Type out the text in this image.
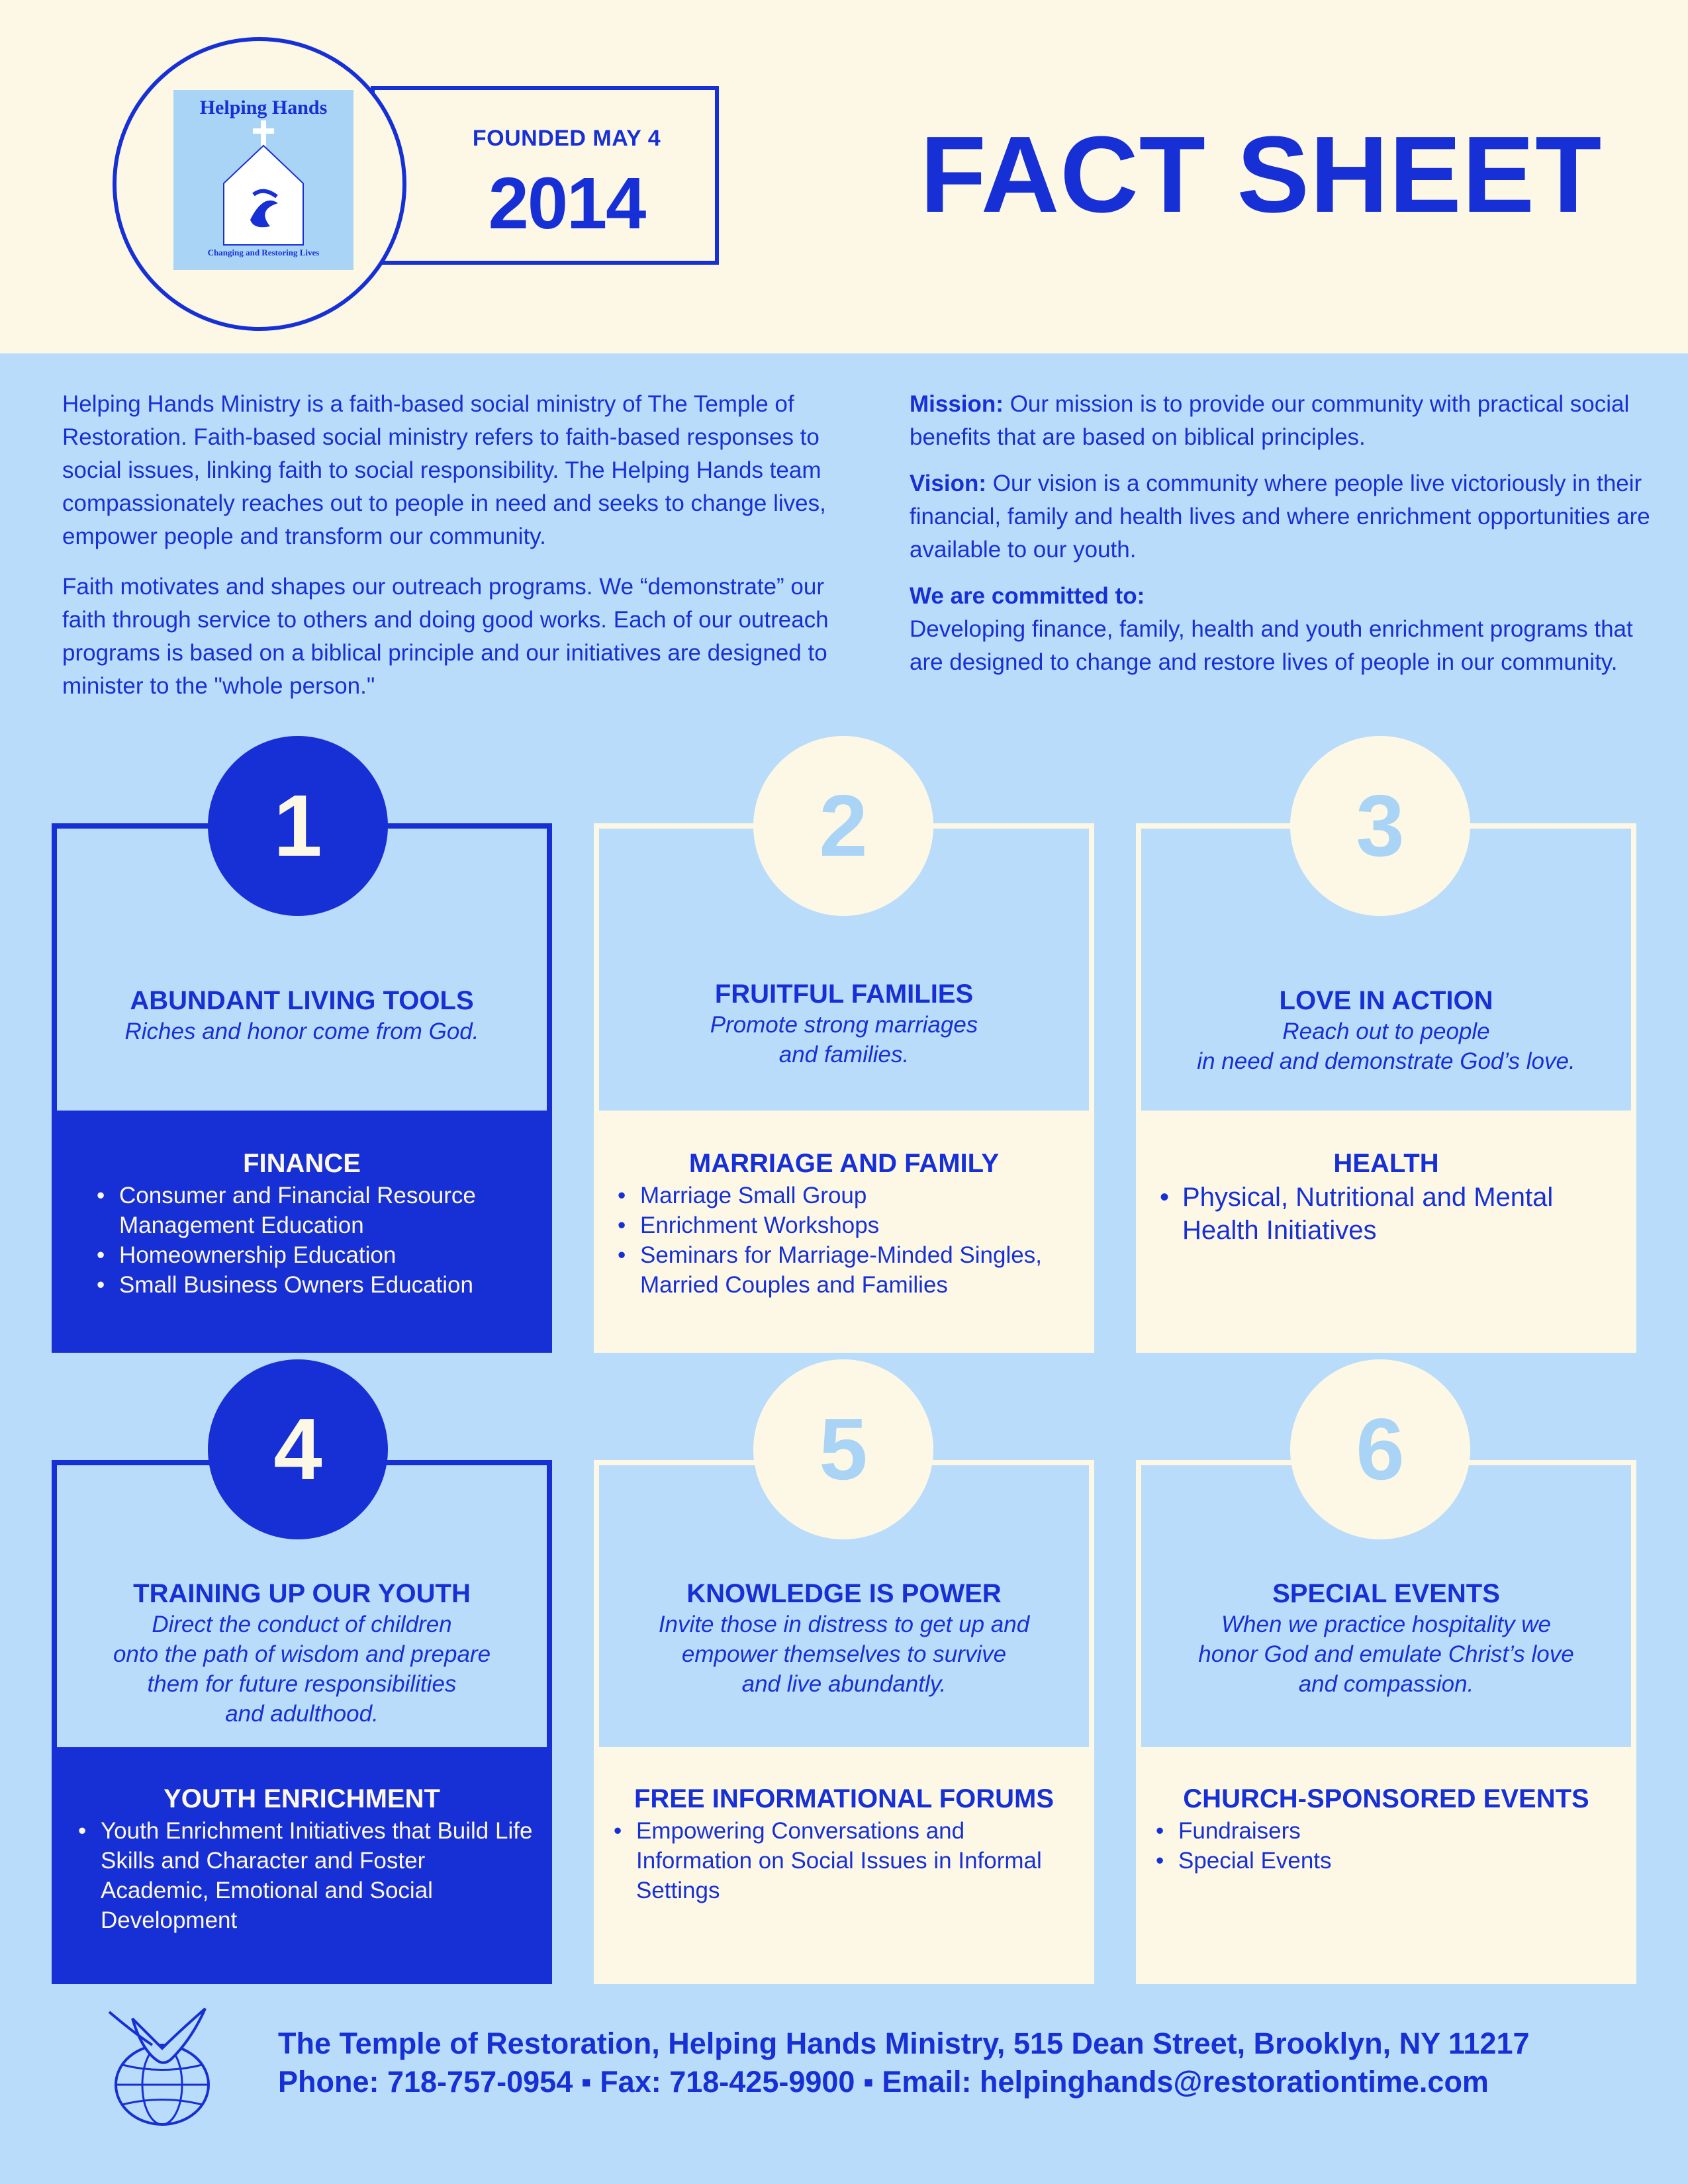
Helping Hands
Changing and Restoring Lives
FOUNDED MAY 4
2014	FACT SHEET

Helping Hands Ministry is a faith-based social ministry of The Temple of Restoration. Faith-based social ministry refers to faith-based responses to social issues, linking faith to social responsibility. The Helping Hands team compassionately reaches out to people in need and seeks to change lives, empower people and transform our community.

Faith motivates and shapes our outreach programs. We “demonstrate” our faith through service to others and doing good works. Each of our outreach programs is based on a biblical principle and our initiatives are designed to minister to the "whole person."

Mission: Our mission is to provide our community with practical social benefits that are based on biblical principles.

Vision: Our vision is a community where people live victoriously in their financial, family and health lives and where enrichment opportunities are available to our youth.

We are committed to:
Developing finance, family, health and youth enrichment programs that are designed to change and restore lives of people in our community.

1
ABUNDANT LIVING TOOLS
Riches and honor come from God.
FINANCE
• Consumer and Financial Resource Management Education
• Homeownership Education
• Small Business Owners Education
2
FRUITFUL FAMILIES
Promote strong marriages
and families.
MARRIAGE AND FAMILY
• Marriage Small Group
• Enrichment Workshops
• Seminars for Marriage-Minded Singles, Married Couples and Families
3
LOVE IN ACTION
Reach out to people
in need and demonstrate God’s love.
HEALTH
• Physical, Nutritional and Mental Health Initiatives
4
TRAINING UP OUR YOUTH
Direct the conduct of children
onto the path of wisdom and prepare
them for future responsibilities
and adulthood.
YOUTH ENRICHMENT
• Youth Enrichment Initiatives that Build Life Skills and Character and Foster Academic, Emotional and Social Development
5
KNOWLEDGE IS POWER
Invite those in distress to get up and
empower themselves to survive
and live abundantly.
FREE INFORMATIONAL FORUMS
• Empowering Conversations and Information on Social Issues in Informal Settings
6
SPECIAL EVENTS
When we practice hospitality we
honor God and emulate Christ’s love
and compassion.
CHURCH-SPONSORED EVENTS
• Fundraisers
• Special Events
The Temple of Restoration, Helping Hands Ministry, 515 Dean Street, Brooklyn, NY 11217
Phone: 718-757-0954 ▪ Fax: 718-425-9900 ▪ Email: helpinghands@restorationtime.com
